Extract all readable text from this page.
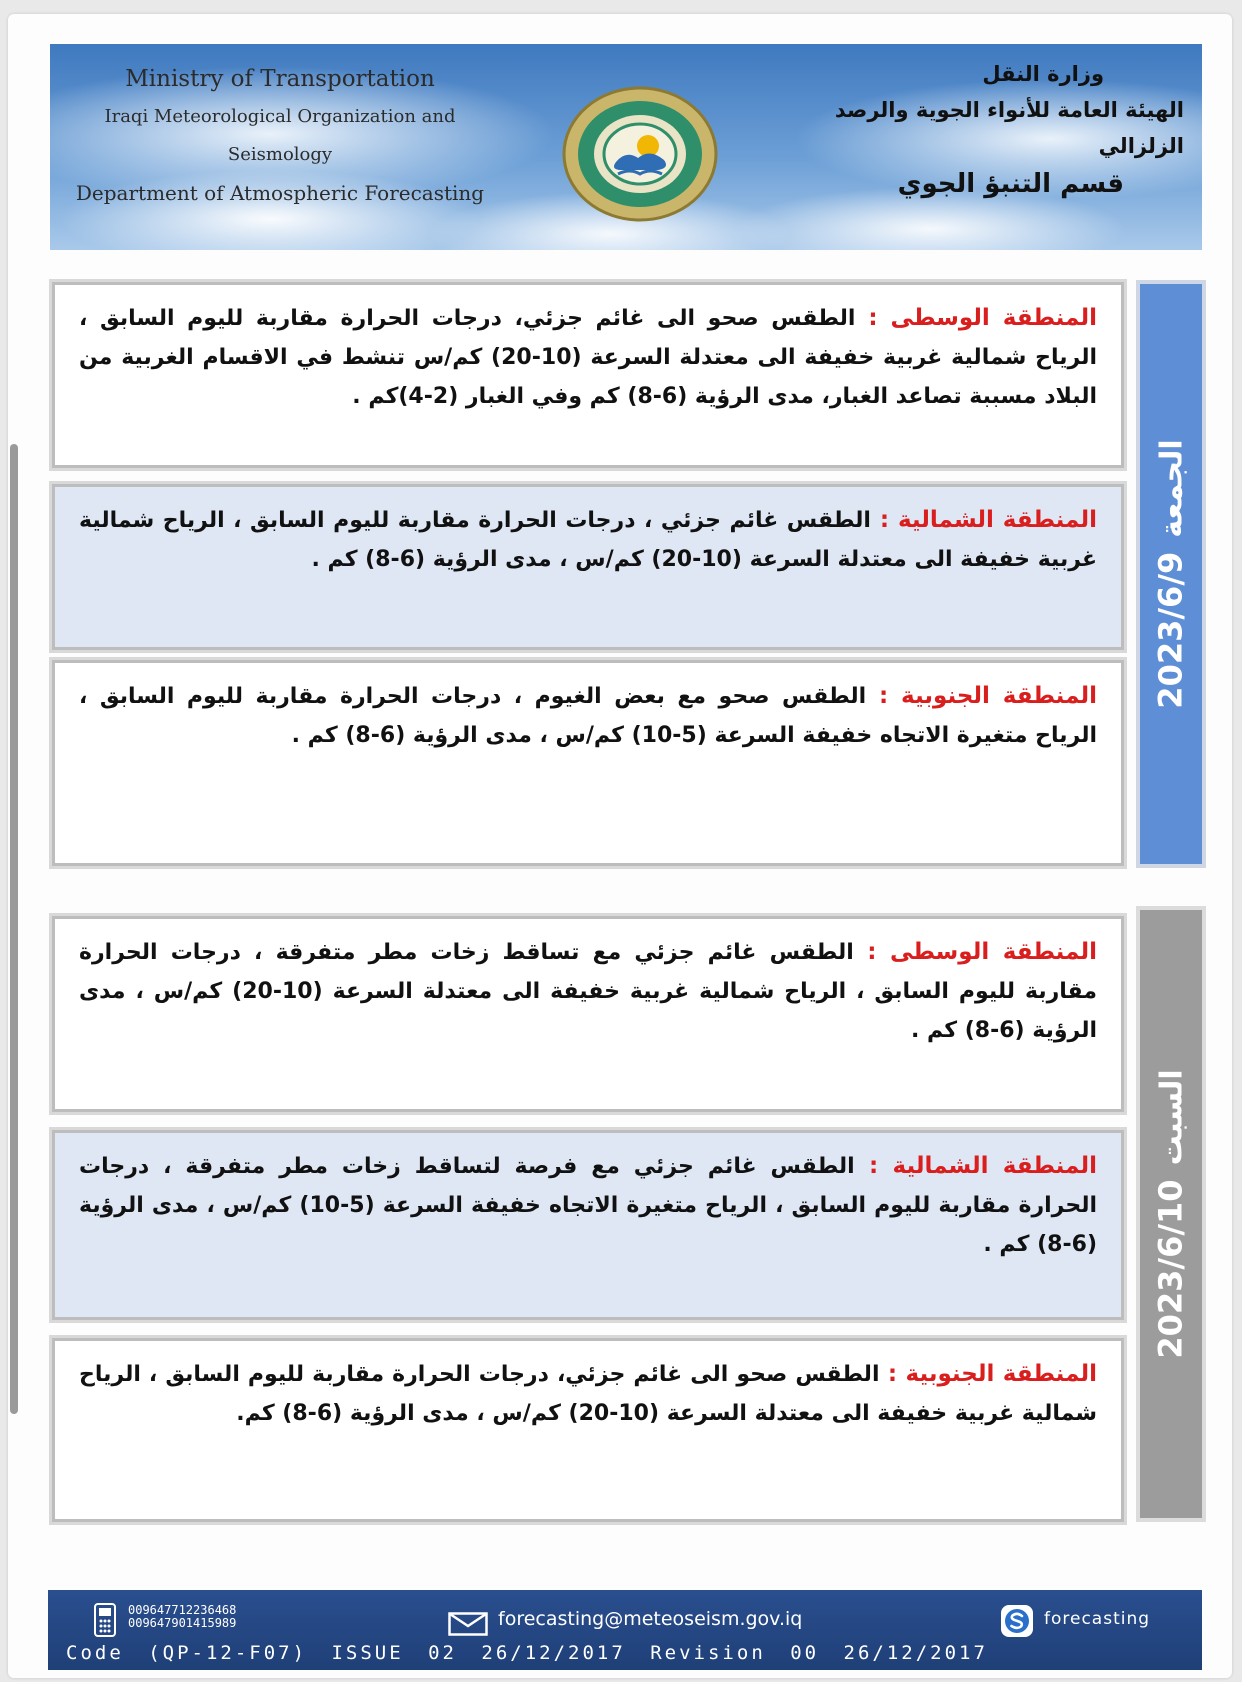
Ministry of Transportation
Iraqi Meteorological Organization and Seismology
Department of Atmospheric Forecasting
وزارة النقل
الهيئة العامة للأنواء الجوية والرصد الزلزالي
قسم التنبؤ الجوي
2023/6/9
الجمعة
المنطقة الوسطى : الطقس صحو الى غائم جزئي، درجات الحرارة مقاربة لليوم السابق ، الرياح شمالية غربية خفيفة الى معتدلة السرعة (10-20) كم/س تنشط في الاقسام الغربية من البلاد مسببة تصاعد الغبار، مدى الرؤية (6-8) كم وفي الغبار (2-4)كم .
المنطقة الشمالية : الطقس غائم جزئي ، درجات الحرارة مقاربة لليوم السابق ، الرياح شمالية غربية خفيفة الى معتدلة السرعة (10-20) كم/س ، مدى الرؤية (6-8) كم .
المنطقة الجنوبية : الطقس صحو مع بعض الغيوم ، درجات الحرارة مقاربة لليوم السابق ، الرياح متغيرة الاتجاه خفيفة السرعة (5-10) كم/س ، مدى الرؤية (6-8) كم .
2023/6/10
السبت
المنطقة الوسطى : الطقس غائم جزئي مع تساقط زخات مطر متفرقة ، درجات الحرارة مقاربة لليوم السابق ، الرياح شمالية غربية خفيفة الى معتدلة السرعة (10-20) كم/س ، مدى الرؤية (6-8) كم .
المنطقة الشمالية : الطقس غائم جزئي مع فرصة لتساقط زخات مطر متفرقة ، درجات الحرارة مقاربة لليوم السابق ، الرياح متغيرة الاتجاه خفيفة السرعة (5-10) كم/س ، مدى الرؤية (6-8) كم .
المنطقة الجنوبية : الطقس صحو الى غائم جزئي، درجات الحرارة مقاربة لليوم السابق ، الرياح شمالية غربية خفيفة الى معتدلة السرعة (10-20) كم/س ، مدى الرؤية (6-8) كم.
009647712236468
009647901415989	forecasting@meteoseism.gov.iq	forecasting
Code (QP-12-F07) ISSUE 02 26/12/2017 Revision 00 26/12/2017
